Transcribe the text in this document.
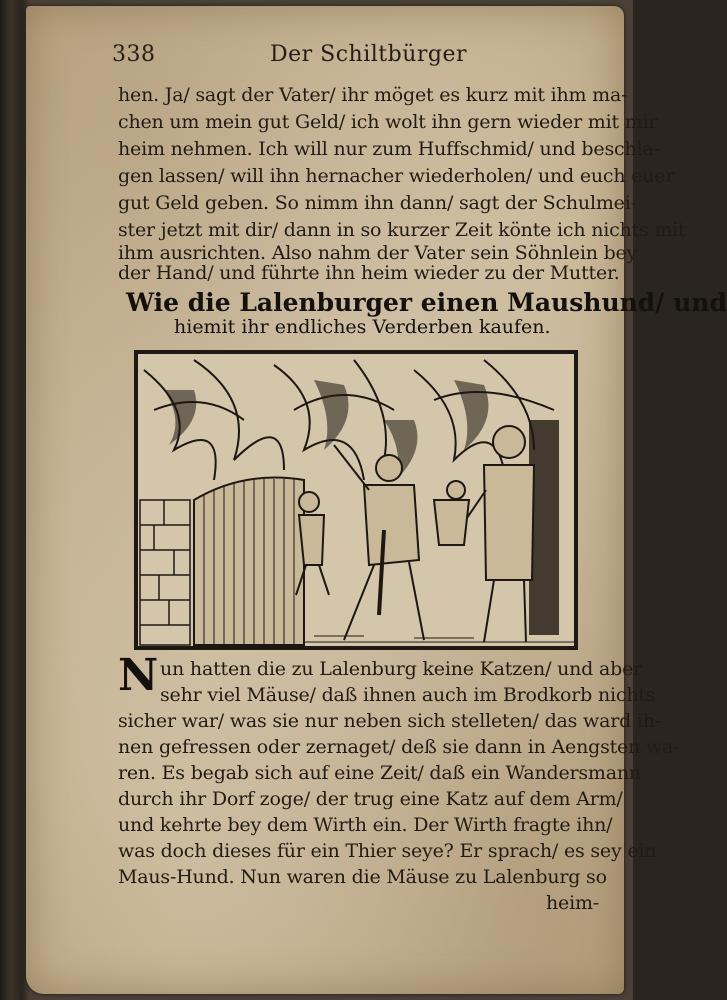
338	Der Schiltbürger
hen. Ja/ sagt der Vater/ ihr möget es kurz mit ihm ma-
chen um mein gut Geld/ ich wolt ihn gern wieder mit mir
heim nehmen. Ich will nur zum Huffschmid/ und beschla-
gen lassen/ will ihn hernacher wiederholen/ und euch euer
gut Geld geben. So nimm ihn dann/ sagt der Schulmei-
ster jetzt mit dir/ dann in so kurzer Zeit könte ich nichts mit
ihm ausrichten. Also nahm der Vater sein Söhnlein bey
der Hand/ und führte ihn heim wieder zu der Mutter.
Wie die Lalenburger einen Maushund/ und
hiemit ihr endliches Verderben kaufen.
N un hatten die zu Lalenburg keine Katzen/ und aber
sehr viel Mäuse/ daß ihnen auch im Brodkorb nichts
sicher war/ was sie nur neben sich stelleten/ das ward ih-
nen gefressen oder zernaget/ deß sie dann in Aengsten wa-
ren. Es begab sich auf eine Zeit/ daß ein Wandersmann
durch ihr Dorf zoge/ der trug eine Katz auf dem Arm/
und kehrte bey dem Wirth ein. Der Wirth fragte ihn/
was doch dieses für ein Thier seye? Er sprach/ es sey ein
Maus-Hund. Nun waren die Mäuse zu Lalenburg so
heim-
